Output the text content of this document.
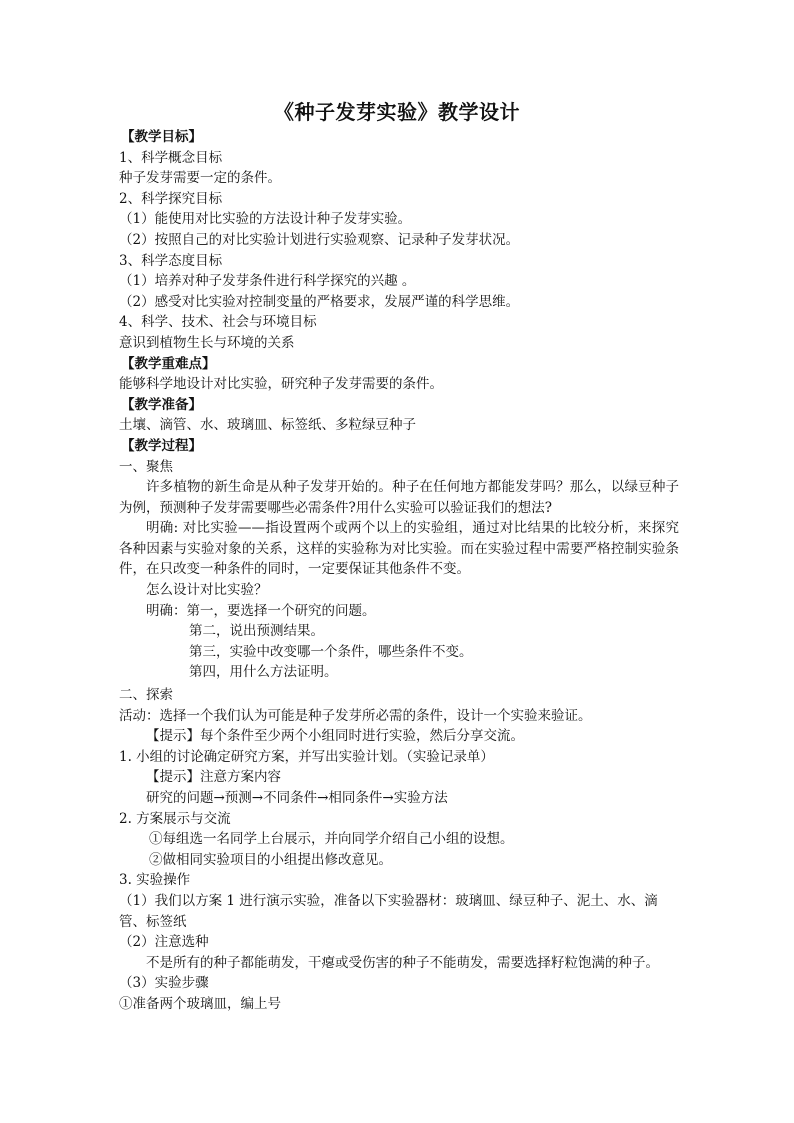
《种子发芽实验》教学设计
【教学目标】
1、科学概念目标
种子发芽需要一定的条件。
2、科学探究目标
（1）能使用对比实验的方法设计种子发芽实验。
（2）按照自己的对比实验计划进行实验观察、记录种子发芽状况。
3、科学态度目标
（1）培养对种子发芽条件进行科学探究的兴趣 。
（2）感受对比实验对控制变量的严格要求，发展严谨的科学思维。
4、科学、技术、社会与环境目标
意识到植物生长与环境的关系
【教学重难点】
能够科学地设计对比实验，研究种子发芽需要的条件。
【教学准备】
土壤、滴管、水、玻璃皿、标签纸、多粒绿豆种子
【教学过程】
一、聚焦
许多植物的新生命是从种子发芽开始的。种子在任何地方都能发芽吗？那么，以绿豆种子为例，预测种子发芽需要哪些必需条件?用什么实验可以验证我们的想法?
明确: 对比实验——指设置两个或两个以上的实验组，通过对比结果的比较分析，来探究各种因素与实验对象的关系，这样的实验称为对比实验。而在实验过程中需要严格控制实验条件，在只改变一种条件的同时，一定要保证其他条件不变。
怎么设计对比实验？
明确：第一，要选择一个研究的问题。
第二，说出预测结果。
第三，实验中改变哪一个条件，哪些条件不变。
第四，用什么方法证明。
二、探索
活动：选择一个我们认为可能是种子发芽所必需的条件，设计一个实验来验证。
【提示】每个条件至少两个小组同时进行实验，然后分享交流。
1. 小组的讨论确定研究方案，并写出实验计划。（实验记录单）
【提示】注意方案内容
研究的问题→预测→不同条件→相同条件→实验方法
2. 方案展示与交流
①每组选一名同学上台展示，并向同学介绍自己小组的设想。
②做相同实验项目的小组提出修改意见。
3. 实验操作
（1）我们以方案 1 进行演示实验，准备以下实验器材：玻璃皿、绿豆种子、泥土、水、滴管、标签纸
（2）注意选种
不是所有的种子都能萌发，干瘪或受伤害的种子不能萌发，需要选择籽粒饱满的种子。
（3）实验步骤
①准备两个玻璃皿，编上号
